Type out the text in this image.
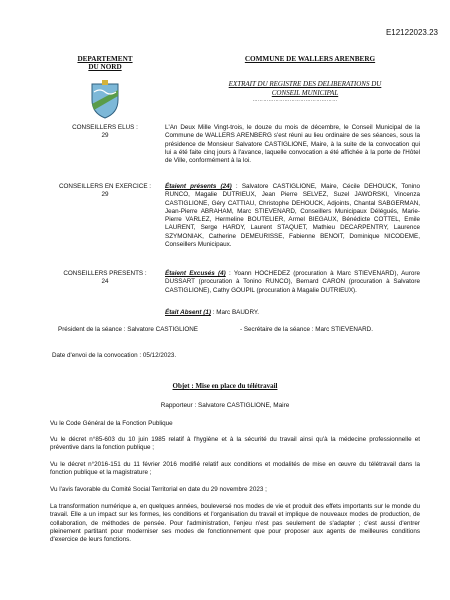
E12122023.23
DEPARTEMENT
DU NORD
COMMUNE DE WALLERS ARENBERG
EXTRAIT DU REGISTRE DES DELIBERATIONS DU
CONSEIL MUNICIPAL
…………………………………………
CONSEILLERS ELUS :
29
L'An Deux Mille Vingt-trois, le douze du mois de décembre, le Conseil Municipal de la Commune de WALLERS ARENBERG s'est réuni au lieu ordinaire de ses séances, sous la présidence de Monsieur Salvatore CASTIGLIONE, Maire, à la suite de la convocation qui lui a été faite cinq jours à l'avance, laquelle convocation a été affichée à la porte de l'Hôtel de Ville, conformément à la loi.
CONSEILLERS EN EXERCICE :
29
Étaient présents (24) : Salvatore CASTIGLIONE, Maire, Cécile DEHOUCK, Tonino RUNCO, Magalie DUTRIEUX, Jean Pierre SELVEZ, Suzel JAWORSKI, Vincenza CASTIGLIONE, Géry CATTIAU, Christophe DEHOUCK, Adjoints, Chantal SABGERMAN, Jean-Pierre ABRAHAM, Marc STIEVENARD, Conseillers Municipaux Délégués, Marie-Pierre VARLEZ, Hermeline BOUTELIER, Armel BIEGAUX, Bénédicte COTTEL, Emile LAURENT, Serge HARDY, Laurent STAQUET, Mathieu DECARPENTRY, Laurence SZYMONIAK, Catherine DEMEURISSE, Fabienne BENOIT, Dominique NICODEME, Conseillers Municipaux.
CONSEILLERS PRESENTS :
24
Étaient Excusés (4) : Yoann HOCHEDEZ (procuration à Marc STIEVENARD), Aurore DUSSART (procuration à Tonino RUNCO), Bernard CARON (procuration à Salvatore CASTIGLIONE), Cathy GOUPIL (procuration à Magalie DUTRIEUX).
Était Absent (1) : Marc BAUDRY.
Président de la séance : Salvatore CASTIGLIONE	- Secrétaire de la séance : Marc STIEVENARD.
Date d'envoi de la convocation : 05/12/2023.
Objet : Mise en place du télétravail
Rapporteur : Salvatore CASTIGLIONE, Maire
Vu le Code Général de la Fonction Publique
Vu le décret n°85-603 du 10 juin 1985 relatif à l'hygiène et à la sécurité du travail ainsi qu'à la médecine professionnelle et préventive dans la fonction publique ;
Vu le décret n°2016-151 du 11 février 2016 modifié relatif aux conditions et modalités de mise en œuvre du télétravail dans la fonction publique et la magistrature ;
Vu l'avis favorable du Comité Social Territorial en date du 29 novembre 2023 ;
La transformation numérique a, en quelques années, bouleversé nos modes de vie et produit des effets importants sur le monde du travail. Elle a un impact sur les formes, les conditions et l'organisation du travail et implique de nouveaux modes de production, de collaboration, de méthodes de pensée. Pour l'administration, l'enjeu n'est pas seulement de s'adapter ; c'est aussi d'entrer pleinement partitant pour moderniser ses modes de fonctionnement que pour proposer aux agents de meilleures conditions d'exercice de leurs fonctions.
